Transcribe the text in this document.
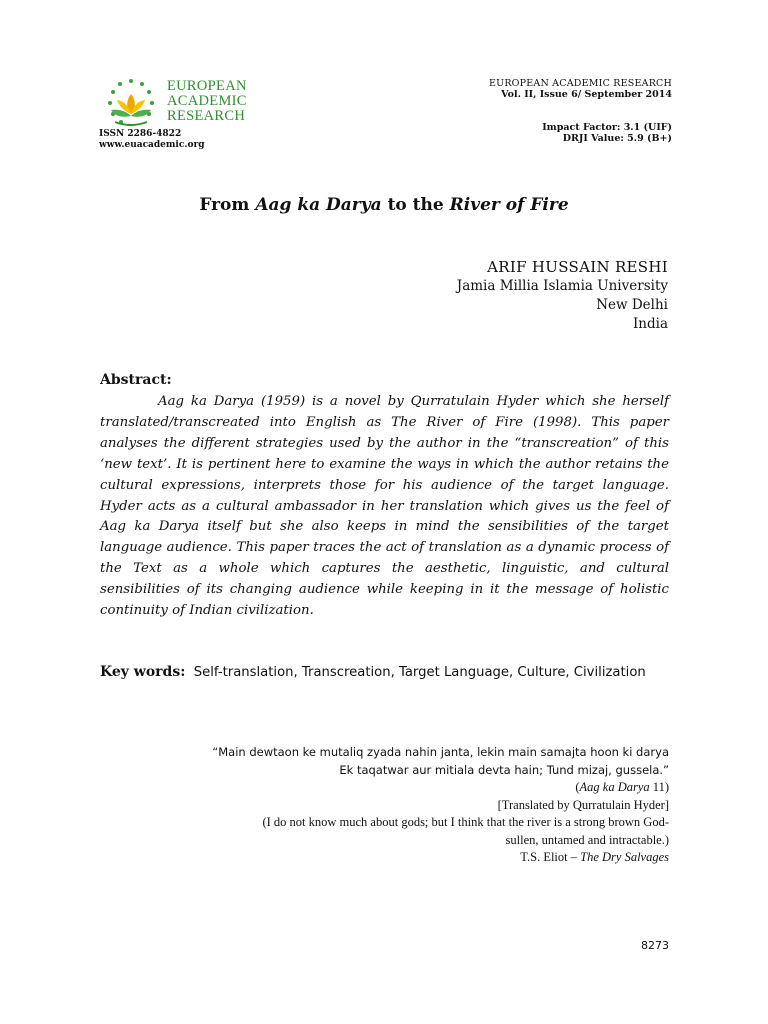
EUROPEAN
ACADEMIC
RESEARCH
ISSN 2286-4822
www.euacademic.org
EUROPEAN ACADEMIC RESEARCH
Vol. II, Issue 6/ September 2014
Impact Factor: 3.1 (UIF)
DRJI Value: 5.9 (B+)
From Aag ka Darya to the River of Fire
ARIF HUSSAIN RESHI
Jamia Millia Islamia University
New Delhi
India
Abstract:
Aag ka Darya (1959) is a novel by Qurratulain Hyder which she herself translated/transcreated into English as The River of Fire (1998). This paper analyses the different strategies used by the author in the “transcreation” of this ‘new text’. It is pertinent here to examine the ways in which the author retains the cultural expressions, interprets those for his audience of the target language. Hyder acts as a cultural ambassador in her translation which gives us the feel of Aag ka Darya itself but she also keeps in mind the sensibilities of the target language audience. This paper traces the act of translation as a dynamic process of the Text as a whole which captures the aesthetic, linguistic, and cultural sensibilities of its changing audience while keeping in it the message of holistic continuity of Indian civilization.
Key words: Self-translation, Transcreation, Target Language, Culture, Civilization
“Main dewtaon ke mutaliq zyada nahin janta, lekin main samajta hoon ki darya
Ek taqatwar aur mitiala devta hain; Tund mizaj, gussela.”
(Aag ka Darya 11)
[Translated by Qurratulain Hyder]
(I do not know much about gods; but I think that the river is a strong brown God-
sullen, untamed and intractable.)
T.S. Eliot – The Dry Salvages
8273
